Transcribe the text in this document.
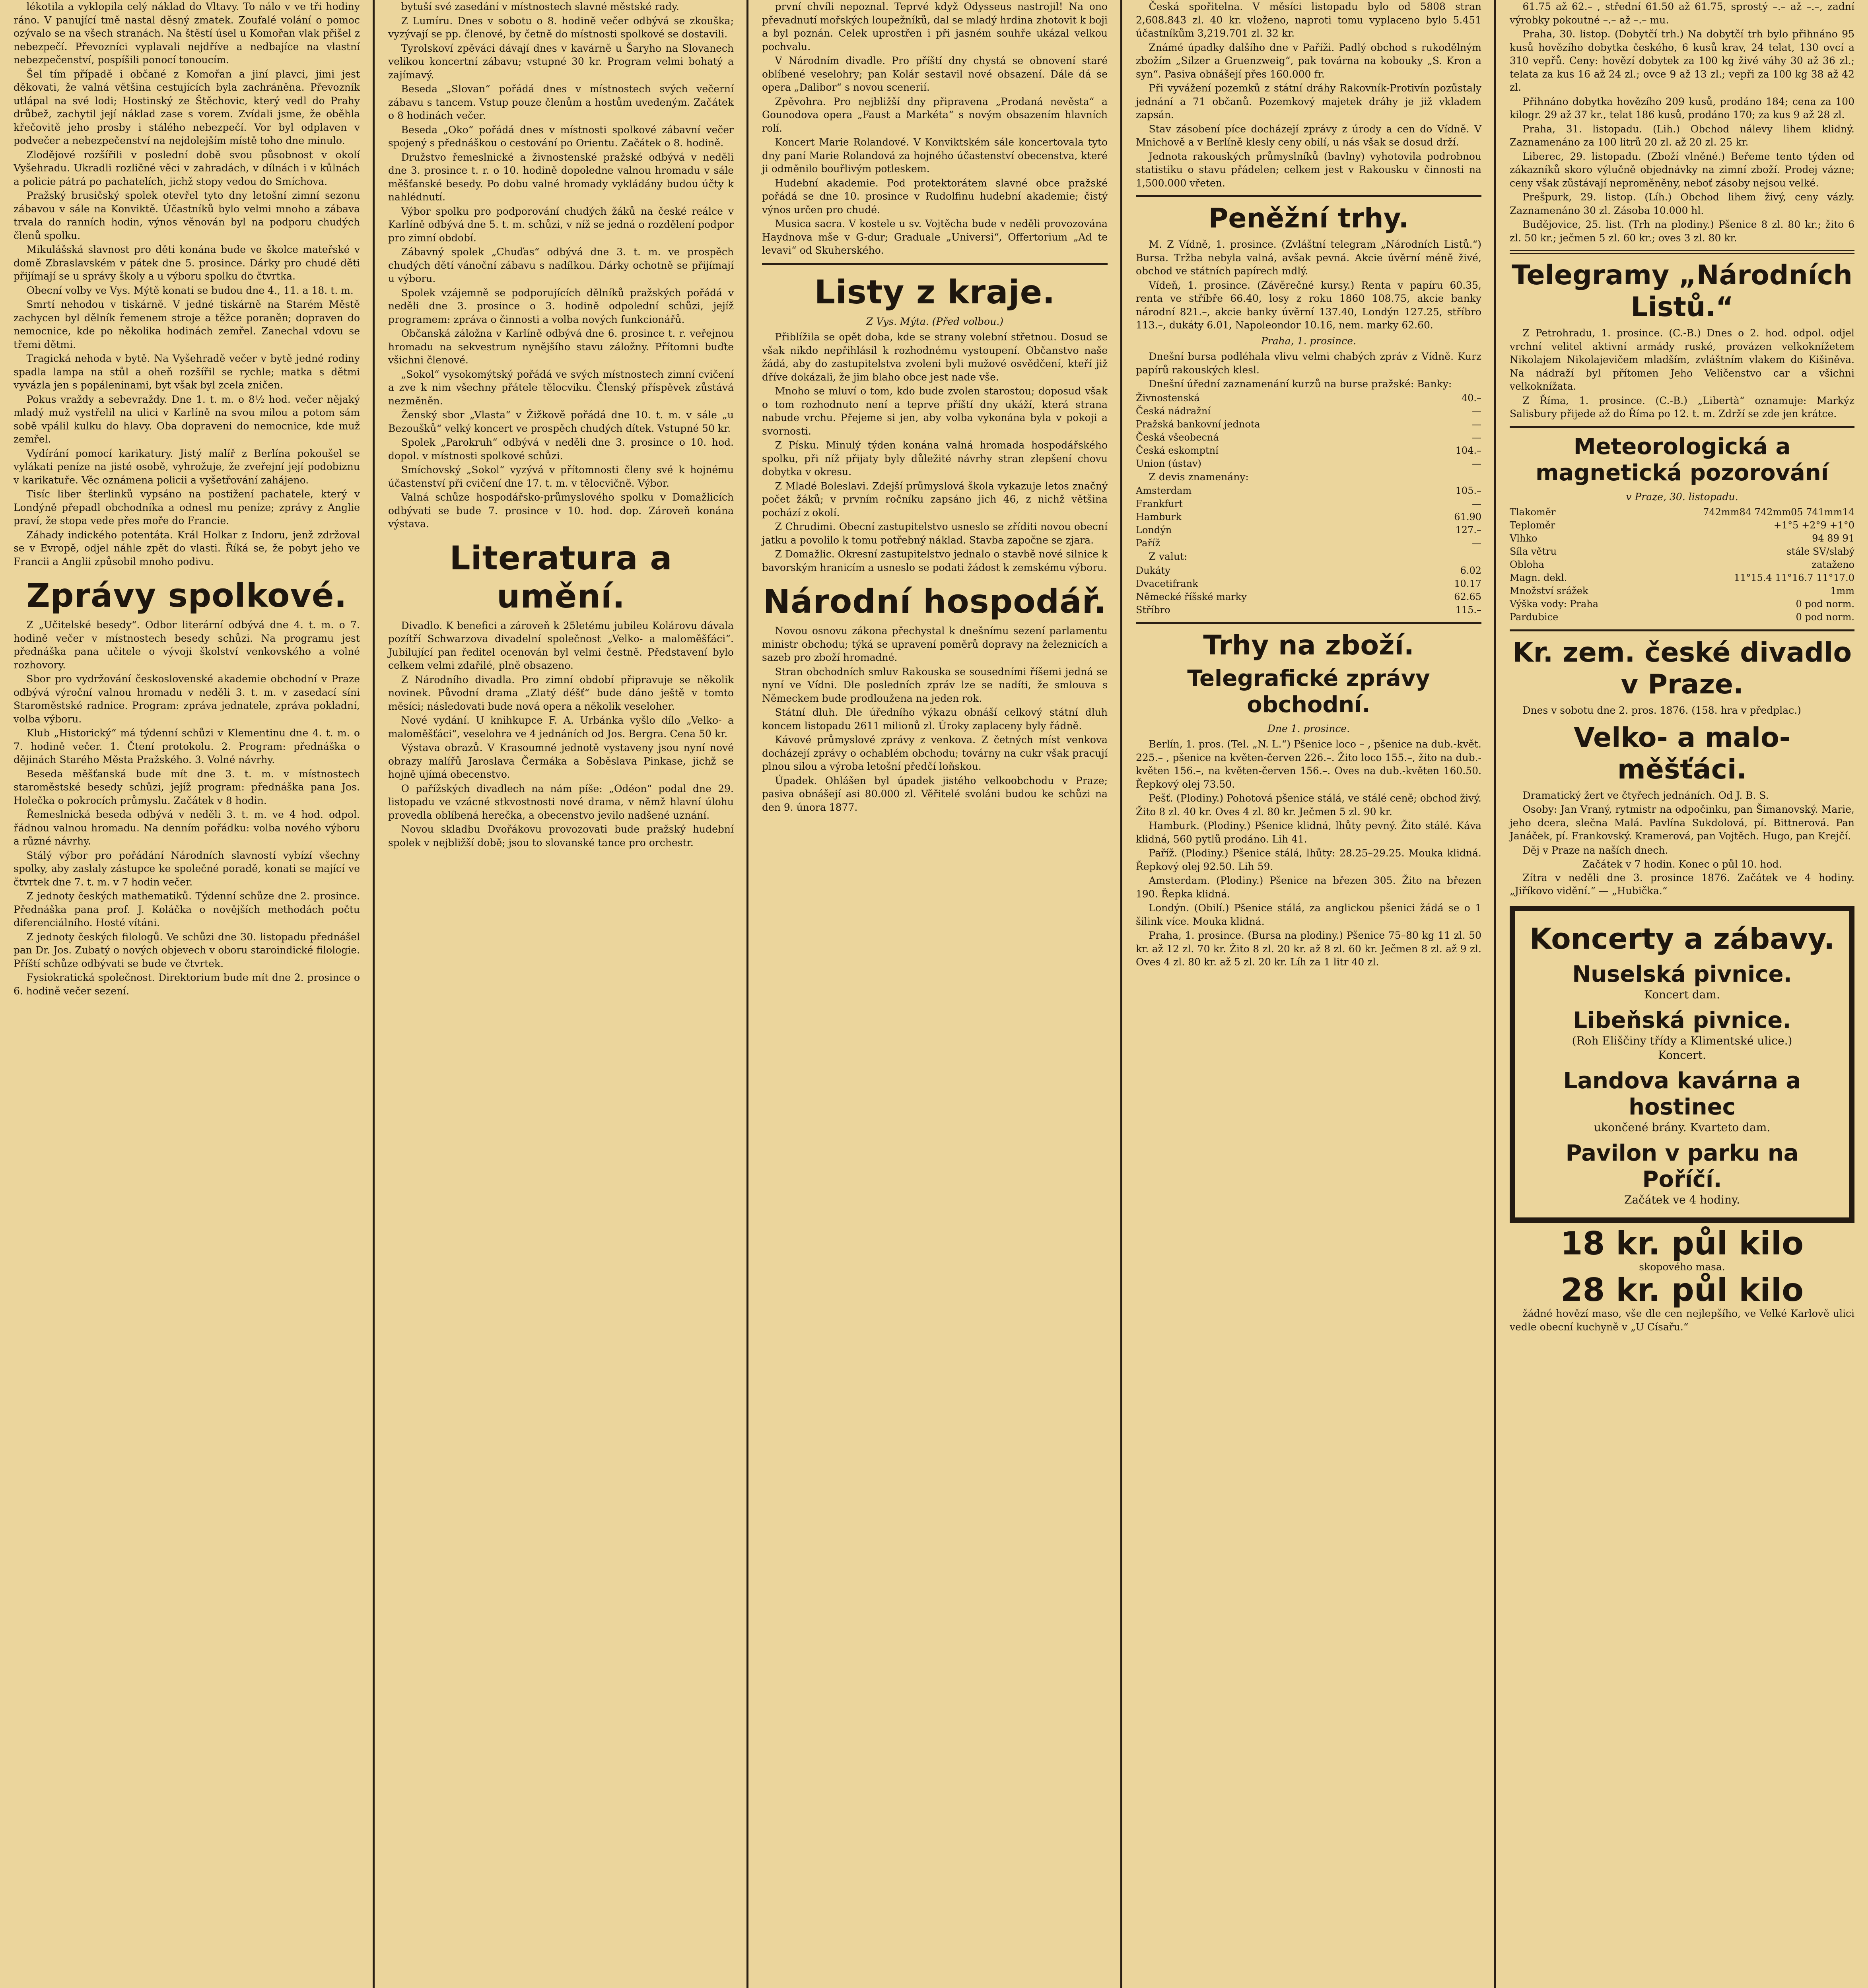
lékotila a vyklopila celý náklad do Vltavy. To nálo v ve tři hodiny ráno. V panující tmě nastal děsný zmatek. Zoufalé volání o pomoc ozývalo se na všech stranách. Na štěstí úsel u Komořan vlak přišel z nebezpečí. Převozníci vyplavali nejdříve a nedbajíce na vlastní nebezpečenství, pospíšili ponocí tonoucím.

Šel tím případě i občané z Komořan a jiní plavci, jimi jest děkovati, že valná většina cestujících byla zachráněna. Převozník utlápal na své lodi; Hostinský ze Štěchovic, který vedl do Prahy drůbež, zachytil její náklad zase s vorem. Zvídali jsme, že oběhla křečovitě jeho prosby i stálého nebezpečí. Vor byl odplaven v podvečer a nebezpečenství na nejdolejším místě toho dne minulo.

Zlodějové rozšířili v poslední době svou působnost v okolí Vyšehradu. Ukradli rozličné věci v zahradách, v dílnách i v kůlnách a policie pátrá po pachatelích, jichž stopy vedou do Smíchova.

Pražský brusičský spolek otevřel tyto dny letošní zimní sezonu zábavou v sále na Konviktě. Účastníků bylo velmi mnoho a zábava trvala do ranních hodin, výnos věnován byl na podporu chudých členů spolku.

Mikulášská slavnost pro děti konána bude ve školce mateřské v domě Zbraslavském v pátek dne 5. prosince. Dárky pro chudé děti přijímají se u správy školy a u výboru spolku do čtvrtka.

Obecní volby ve Vys. Mýtě konati se budou dne 4., 11. a 18. t. m.

Smrtí nehodou v tiskárně. V jedné tiskárně na Starém Městě zachycen byl dělník řemenem stroje a těžce poraněn; dopraven do nemocnice, kde po několika hodinách zemřel. Zanechal vdovu se třemi dětmi.

Tragická nehoda v bytě. Na Vyšehradě večer v bytě jedné rodiny spadla lampa na stůl a oheň rozšířil se rychle; matka s dětmi vyvázla jen s popáleninami, byt však byl zcela zničen.

Pokus vraždy a sebevraždy. Dne 1. t. m. o 8½ hod. večer nějaký mladý muž vystřelil na ulici v Karlíně na svou milou a potom sám sobě vpálil kulku do hlavy. Oba dopraveni do nemocnice, kde muž zemřel.

Vydírání pomocí karikatury. Jistý malíř z Berlína pokoušel se vylákati peníze na jisté osobě, vyhrožuje, že zveřejní její podobiznu v karikatuře. Věc oznámena policii a vyšetřování zahájeno.

Tisíc liber šterlinků vypsáno na postižení pachatele, který v Londýně přepadl obchodníka a odnesl mu peníze; zprávy z Anglie praví, že stopa vede přes moře do Francie.

Záhady indického potentáta. Král Holkar z Indoru, jenž zdržoval se v Evropě, odjel náhle zpět do vlasti. Říká se, že pobyt jeho ve Francii a Anglii způsobil mnoho podivu.

Zprávy spolkové.

Z „Učitelské besedy“. Odbor literární odbývá dne 4. t. m. o 7. hodině večer v místnostech besedy schůzi. Na programu jest přednáška pana učitele o vývoji školství venkovského a volné rozhovory.

Sbor pro vydržování československé akademie obchodní v Praze odbývá výroční valnou hromadu v neděli 3. t. m. v zasedací síni Staroměstské radnice. Program: zpráva jednatele, zpráva pokladní, volba výboru.

Klub „Historický“ má týdenní schůzi v Klementinu dne 4. t. m. o 7. hodině večer. 1. Čtení protokolu. 2. Program: přednáška o dějinách Starého Města Pražského. 3. Volné návrhy.

Beseda měšťanská bude mít dne 3. t. m. v místnostech staroměstské besedy schůzi, jejíž program: přednáška pana Jos. Holečka o pokrocích průmyslu. Začátek v 8 hodin.

Řemeslnická beseda odbývá v neděli 3. t. m. ve 4 hod. odpol. řádnou valnou hromadu. Na denním pořádku: volba nového výboru a různé návrhy.

Stálý výbor pro pořádání Národních slavností vybízí všechny spolky, aby zaslaly zástupce ke společné poradě, konati se mající ve čtvrtek dne 7. t. m. v 7 hodin večer.

Z jednoty českých mathematiků. Týdenní schůze dne 2. prosince. Přednáška pana prof. J. Koláčka o novějších methodách počtu diferenciálního. Hosté vítáni.

Z jednoty českých filologů. Ve schůzi dne 30. listopadu přednášel pan Dr. Jos. Zubatý o nových objevech v oboru staroindické filologie. Příští schůze odbývati se bude ve čtvrtek.

Fysiokratická společnost. Direktorium bude mít dne 2. prosince o 6. hodině večer sezení.

bytuší své zasedání v místnostech slavné městské rady.

Z Lumíru. Dnes v sobotu o 8. hodině večer odbývá se zkouška; vyzývají se pp. členové, by četně do místnosti spolkové se dostavili.

Tyrolskoví zpěváci dávají dnes v kavárně u Šaryho na Slovanech velikou koncertní zábavu; vstupné 30 kr. Program velmi bohatý a zajímavý.

Beseda „Slovan“ pořádá dnes v místnostech svých večerní zábavu s tancem. Vstup pouze členům a hostům uvedeným. Začátek o 8 hodinách večer.

Beseda „Oko“ pořádá dnes v místnosti spolkové zábavní večer spojený s přednáškou o cestování po Orientu. Začátek o 8. hodině.

Družstvo řemeslnické a živnostenské pražské odbývá v neděli dne 3. prosince t. r. o 10. hodině dopoledne valnou hromadu v sále měšťanské besedy. Po dobu valné hromady vykládány budou účty k nahlédnutí.

Výbor spolku pro podporování chudých žáků na české reálce v Karlíně odbývá dne 5. t. m. schůzi, v níž se jedná o rozdělení podpor pro zimní období.

Zábavný spolek „Chuďas“ odbývá dne 3. t. m. ve prospěch chudých dětí vánoční zábavu s nadílkou. Dárky ochotně se přijímají u výboru.

Spolek vzájemně se podporujících dělníků pražských pořádá v neděli dne 3. prosince o 3. hodině odpolední schůzi, jejíž programem: zpráva o činnosti a volba nových funkcionářů.

Občanská záložna v Karlíně odbývá dne 6. prosince t. r. veřejnou hromadu na sekvestrum nynějšího stavu záložny. Přítomni buďte všichni členové.

„Sokol“ vysokomýtský pořádá ve svých místnostech zimní cvičení a zve k nim všechny přátele tělocviku. Členský příspěvek zůstává nezměněn.

Ženský sbor „Vlasta“ v Žižkově pořádá dne 10. t. m. v sále „u Bezoušků“ velký koncert ve prospěch chudých dítek. Vstupné 50 kr.

Spolek „Parokruh“ odbývá v neděli dne 3. prosince o 10. hod. dopol. v místnosti spolkové schůzi.

Smíchovský „Sokol“ vyzývá v přítomnosti členy své k hojnému účastenství při cvičení dne 17. t. m. v tělocvičně. Výbor.

Valná schůze hospodářsko-průmyslového spolku v Domažlicích odbývati se bude 7. prosince v 10. hod. dop. Zároveň konána výstava.

Literatura a umění.

Divadlo. K benefici a zároveň k 25letému jubileu Kolárovu dávala pozítří Schwarzova divadelní společnost „Velko- a maloměšťáci“. Jubilující pan ředitel ocenován byl velmi čestně. Představení bylo celkem velmi zdařilé, plně obsazeno.

Z Národního divadla. Pro zimní období připravuje se několik novinek. Původní drama „Zlatý déšť“ bude dáno ještě v tomto měsíci; následovati bude nová opera a několik veseloher.

Nové vydání. U knihkupce F. A. Urbánka vyšlo dílo „Velko- a maloměšťáci“, veselohra ve 4 jednáních od Jos. Bergra. Cena 50 kr.

Výstava obrazů. V Krasoumné jednotě vystaveny jsou nyní nové obrazy malířů Jaroslava Čermáka a Soběslava Pinkase, jichž se hojně ujímá obecenstvo.

O pařížských divadlech na nám píše: „Odéon“ podal dne 29. listopadu ve vzácné stkvostnosti nové drama, v němž hlavní úlohu provedla oblíbená herečka, a obecenstvo jevilo nadšené uznání.

Novou skladbu Dvořákovu provozovati bude pražský hudební spolek v nejbližší době; jsou to slovanské tance pro orchestr.

první chvíli nepoznal. Teprvé když Odysseus nastrojil! Na ono převadnutí mořských loupežníků, dal se mladý hrdina zhotovit k boji a byl poznán. Celek uprostřen i při jasném souhře ukázal velkou pochvalu.

V Národním divadle. Pro příští dny chystá se obnovení staré oblíbené veselohry; pan Kolár sestavil nové obsazení. Dále dá se opera „Dalibor“ s novou scenerií.

Zpěvohra. Pro nejbližší dny připravena „Prodaná nevěsta“ a Gounodova opera „Faust a Markéta“ s novým obsazením hlavních rolí.

Koncert Marie Rolandové. V Konviktském sále koncertovala tyto dny paní Marie Rolandová za hojného účastenství obecenstva, které ji odměnilo bouřlivým potleskem.

Hudební akademie. Pod protektorátem slavné obce pražské pořádá se dne 10. prosince v Rudolfinu hudební akademie; čistý výnos určen pro chudé.

Musica sacra. V kostele u sv. Vojtěcha bude v neděli provozována Haydnova mše v G-dur; Graduale „Universi“, Offertorium „Ad te levavi“ od Skuherského.

Listy z kraje.
Z Vys. Mýta. (Před volbou.)

Přiblížila se opět doba, kde se strany volební střetnou. Dosud se však nikdo nepřihlásil k rozhodnému vystoupení. Občanstvo naše žádá, aby do zastupitelstva zvoleni byli mužové osvědčení, kteří již dříve dokázali, že jim blaho obce jest nade vše.

Mnoho se mluví o tom, kdo bude zvolen starostou; doposud však o tom rozhodnuto není a teprve příští dny ukáží, která strana nabude vrchu. Přejeme si jen, aby volba vykonána byla v pokoji a svornosti.

Z Písku. Minulý týden konána valná hromada hospodářského spolku, při níž přijaty byly důležité návrhy stran zlepšení chovu dobytka v okresu.

Z Mladé Boleslavi. Zdejší průmyslová škola vykazuje letos značný počet žáků; v prvním ročníku zapsáno jich 46, z nichž většina pochází z okolí.

Z Chrudimi. Obecní zastupitelstvo usneslo se zříditi novou obecní jatku a povolilo k tomu potřebný náklad. Stavba započne se zjara.

Z Domažlic. Okresní zastupitelstvo jednalo o stavbě nové silnice k bavorským hranicím a usneslo se podati žádost k zemskému výboru.

Národní hospodář.

Novou osnovu zákona přechystal k dnešnímu sezení parlamentu ministr obchodu; týká se upravení poměrů dopravy na železnicích a sazeb pro zboží hromadné.

Stran obchodních smluv Rakouska se sousedními říšemi jedná se nyní ve Vídni. Dle posledních zpráv lze se nadíti, že smlouva s Německem bude prodloužena na jeden rok.

Státní dluh. Dle úředního výkazu obnáší celkový státní dluh koncem listopadu 2611 milionů zl. Úroky zaplaceny byly řádně.

Kávové průmyslové zprávy z venkova. Z četných míst venkova docházejí zprávy o ochablém obchodu; továrny na cukr však pracují plnou silou a výroba letošní předčí loňskou.

Úpadek. Ohlášen byl úpadek jistého velkoobchodu v Praze; pasiva obnášejí asi 80.000 zl. Věřitelé svoláni budou ke schůzi na den 9. února 1877.

Česká spořitelna. V měsíci listopadu bylo od 5808 stran 2,608.843 zl. 40 kr. vloženo, naproti tomu vyplaceno bylo 5.451 účastníkům 3,219.701 zl. 32 kr.

Známé úpadky dalšího dne v Paříži. Padlý obchod s rukodělným zbožím „Silzer a Gruenzweig“, pak továrna na kobouky „S. Kron a syn“. Pasiva obnášejí přes 160.000 fr.

Při vyvážení pozemků z státní dráhy Rakovník-Protivín pozůstaly jednání a 71 občanů. Pozemkový majetek dráhy je již vkladem zapsán.

Stav zásobení píce docházejí zprávy z úrody a cen do Vídně. V Mnichově a v Berlíně klesly ceny obilí, u nás však se dosud drží.

Jednota rakouských průmyslníků (bavlny) vyhotovila podrobnou statistiku o stavu přádelen; celkem jest v Rakousku v činnosti na 1,500.000 vřeten.

Peněžní trhy.

M. Z Vídně, 1. prosince. (Zvláštní telegram „Národních Listů.“) Bursa. Tržba nebyla valná, avšak pevná. Akcie úvěrní méně živé, obchod ve státních papírech mdlý.

Vídeň, 1. prosince. (Závěrečné kursy.) Renta v papíru 60.35, renta ve stříbře 66.40, losy z roku 1860 108.75, akcie banky národní 821.–, akcie banky úvěrní 137.40, Londýn 127.25, stříbro 113.–, dukáty 6.01, Napoleondor 10.16, nem. marky 62.60.

Praha, 1. prosince.

Dnešní bursa podléhala vlivu velmi chabých zpráv z Vídně. Kurz papírů rakouských klesl.

Dnešní úřední zaznamenání kurzů na burse pražské: Banky:

Živnostenská	40.–
Česká nádražní	—
Pražská bankovní jednota	—
Česká všeobecná	—
Česká eskomptní	104.–
Union (ústav)	—

Z devis znamenány:

Amsterdam	105.–
Frankfurt	—
Hamburk	61.90
Londýn	127.–
Paříž	—

Z valut:

Dukáty	6.02
Dvacetifrank	10.17
Německé říšské marky	62.65
Stříbro	115.–
Trhy na zboží.
Telegrafické zprávy obchodní.
Dne 1. prosince.

Berlín, 1. pros. (Tel. „N. L.“) Pšenice loco – , pšenice na dub.-květ. 225.– , pšenice na květen-červen 226.–. Žito loco 155.–, žito na dub.-květen 156.–, na květen-červen 156.–. Oves na dub.-květen 160.50. Řepkový olej 73.50.

Pešť. (Plodiny.) Pohotová pšenice stálá, ve stálé ceně; obchod živý. Žito 8 zl. 40 kr. Oves 4 zl. 80 kr. Ječmen 5 zl. 90 kr.

Hamburk. (Plodiny.) Pšenice klidná, lhůty pevný. Žito stálé. Káva klidná, 560 pytlů prodáno. Lih 41.

Paříž. (Plodiny.) Pšenice stálá, lhůty: 28.25–29.25. Mouka klidná. Řepkový olej 92.50. Lih 59.

Amsterdam. (Plodiny.) Pšenice na březen 305. Žito na březen 190. Řepka klidná.

Londýn. (Obilí.) Pšenice stálá, za anglickou pšenici žádá se o 1 šilink více. Mouka klidná.

Praha, 1. prosince. (Bursa na plodiny.) Pšenice 75–80 kg 11 zl. 50 kr. až 12 zl. 70 kr. Žito 8 zl. 20 kr. až 8 zl. 60 kr. Ječmen 8 zl. až 9 zl. Oves 4 zl. 80 kr. až 5 zl. 20 kr. Líh za 1 litr 40 zl.

61.75 až 62.– , střední 61.50 až 61.75, sprostý –.– až –.–, zadní výrobky pokoutné –.– až –.– mu.

Praha, 30. listop. (Dobytčí trh.) Na dobytčí trh bylo přihnáno 95 kusů hovězího dobytka českého, 6 kusů krav, 24 telat, 130 ovcí a 310 vepřů. Ceny: hovězí dobytek za 100 kg živé váhy 30 až 36 zl.; telata za kus 16 až 24 zl.; ovce 9 až 13 zl.; vepři za 100 kg 38 až 42 zl.

Přihnáno dobytka hovězího 209 kusů, prodáno 184; cena za 100 kilogr. 29 až 37 kr., telat 186 kusů, prodáno 170; za kus 9 až 28 zl.

Praha, 31. listopadu. (Lih.) Obchod nálevy lihem klidný. Zaznamenáno za 100 litrů 20 zl. až 20 zl. 25 kr.

Liberec, 29. listopadu. (Zboží vlněné.) Beřeme tento týden od zákazníků skoro výlučně objednávky na zimní zboží. Prodej vázne; ceny však zůstávají neproměněny, neboť zásoby nejsou velké.

Prešpurk, 29. listop. (Líh.) Obchod lihem živý, ceny vázly. Zaznamenáno 30 zl. Zásoba 10.000 hl.

Budějovice, 25. list. (Trh na plodiny.) Pšenice 8 zl. 80 kr.; žito 6 zl. 50 kr.; ječmen 5 zl. 60 kr.; oves 3 zl. 80 kr.

Telegramy „Národních Listů.“

Z Petrohradu, 1. prosince. (C.-B.) Dnes o 2. hod. odpol. odjel vrchní velitel aktivní armády ruské, provázen velkoknížetem Nikolajem Nikolajevičem mladším, zvláštním vlakem do Kišiněva. Na nádraží byl přítomen Jeho Veličenstvo car a všichni velkoknížata.

Z Říma, 1. prosince. (C.-B.) „Libertà“ oznamuje: Markýz Salisbury přijede až do Říma po 12. t. m. Zdrží se zde jen krátce.

Meteorologická a magnetická pozorování
v Praze, 30. listopadu.
Tlakoměr	742mm84 742mm05 741mm14
Teploměr	+1°5 +2°9 +1°0
Vlhko	94 89 91
Síla větru	stále SV/slabý
Obloha	zataženo
Magn. dekl.	11°15.4 11°16.7 11°17.0
Množství srážek	1mm
Výška vody: Praha	0 pod norm.
Pardubice	0 pod norm.
Kr. zem. české divadlo v Praze.

Dnes v sobotu dne 2. pros. 1876. (158. hra v předplac.)

Velko- a malo-měšťáci.

Dramatický žert ve čtyřech jednáních. Od J. B. S.

Osoby: Jan Vraný, rytmistr na odpočinku, pan Šimanovský. Marie, jeho dcera, slečna Malá. Pavlína Sukdolová, pí. Bittnerová. Pan Janáček, pí. Frankovský. Kramerová, pan Vojtěch. Hugo, pan Krejčí.

Děj v Praze na naších dnech.

Začátek v 7 hodin. Konec o půl 10. hod.

Zítra v neděli dne 3. prosince 1876. Začátek ve 4 hodiny. „Jiříkovo vidění.“ — „Hubička.“

Koncerty a zábavy.
Nuselská pivnice.
Koncert dam.
Libeňská pivnice.
(Roh Eliščiny třídy a Klimentské ulice.)
Koncert.
Landova kavárna a hostinec
ukončené brány. Kvarteto dam.
Pavilon v parku na Poříčí.
Začátek ve 4 hodiny.
18 kr. půl kilo
skopového masa.
28 kr. půl kilo

žádné hovězí maso, vše dle cen nejlepšího, ve Velké Karlově ulici vedle obecní kuchyně v „U Císařu.“
